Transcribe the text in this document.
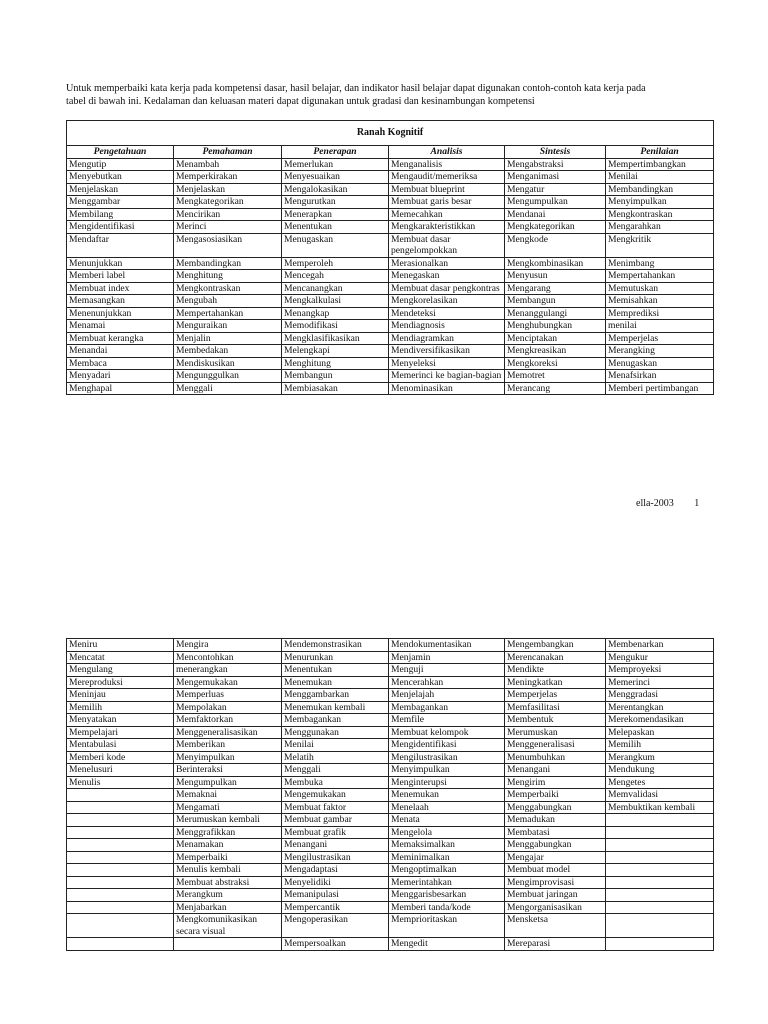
Untuk memperbaiki kata kerja pada kompetensi dasar, hasil belajar, dan indikator hasil belajar dapat digunakan contoh-contoh kata kerja pada

tabel di bawah ini. Kedalaman dan keluasan materi dapat digunakan untuk gradasi dan kesinambungan kompetensi

Ranah Kognitif					
Pengetahuan	Pemahaman	Penerapan	Analisis	Sintesis	Penilaian
Mengutip	Menambah	Memerlukan	Menganalisis	Mengabstraksi	Mempertimbangkan
Menyebutkan	Memperkirakan	Menyesuaikan	Mengaudit/memeriksa	Menganimasi	Menilai
Menjelaskan	Menjelaskan	Mengalokasikan	Membuat blueprint	Mengatur	Membandingkan
Menggambar	Mengkategorikan	Mengurutkan	Membuat garis besar	Mengumpulkan	Menyimpulkan
Membilang	Mencirikan	Menerapkan	Memecahkan	Mendanai	Mengkontraskan
Mengidentifikasi	Merinci	Menentukan	Mengkarakteristikkan	Mengkategorikan	Mengarahkan
Mendaftar	Mengasosiasikan	Menugaskan	Membuat dasar pengelompokkan	Mengkode	Mengkritik
Menunjukkan	Membandingkan	Memperoleh	Merasionalkan	Mengkombinasikan	Menimbang
Memberi label	Menghitung	Mencegah	Menegaskan	Menyusun	Mempertahankan
Membuat index	Mengkontraskan	Mencanangkan	Membuat dasar pengkontras	Mengarang	Memutuskan
Memasangkan	Mengubah	Mengkalkulasi	Mengkorelasikan	Membangun	Memisahkan
Menenunjukkan	Mempertahankan	Menangkap	Mendeteksi	Menanggulangi	Memprediksi
Menamai	Menguraikan	Memodifikasi	Mendiagnosis	Menghubungkan	menilai
Membuat kerangka	Menjalin	Mengklasifikasikan	Mendiagramkan	Menciptakan	Memperjelas
Menandai	Membedakan	Melengkapi	Mendiversifikasikan	Mengkreasikan	Merangking
Membaca	Mendiskusikan	Menghitung	Menyeleksi	Mengkoreksi	Menugaskan
Menyadari	Mengunggulkan	Membangun	Memerinci ke bagian-bagian	Memotret	Menafsirkan
Menghapal	Menggali	Membiasakan	Menominasikan	Merancang	Memberi pertimbangan
ella-2003 1
Meniru	Mengira	Mendemonstrasikan	Mendokumentasikan	Mengembangkan	Membenarkan
Mencatat	Mencontohkan	Menurunkan	Menjamin	Merencanakan	Mengukur
Mengulang	menerangkan	Menentukan	Menguji	Mendikte	Memproyeksi
Mereproduksi	Mengemukakan	Menemukan	Mencerahkan	Meningkatkan	Memerinci
Meninjau	Memperluas	Menggambarkan	Menjelajah	Memperjelas	Menggradasi
Memilih	Mempolakan	Menemukan kembali	Membagankan	Memfasilitasi	Merentangkan
Menyatakan	Memfaktorkan	Membagankan	Memfile	Membentuk	Merekomendasikan
Mempelajari	Menggeneralisasikan	Menggunakan	Membuat kelompok	Merumuskan	Melepaskan
Mentabulasi	Memberikan	Menilai	Mengidentifikasi	Menggeneralisasi	Memilih
Memberi kode	Menyimpulkan	Melatih	Mengilustrasikan	Menumbuhkan	Merangkum
Menelusuri	Berinteraksi	Menggali	Menyimpulkan	Menangani	Mendukung
Menulis	Mengumpulkan	Membuka	Menginterupsi	Mengirim	Mengetes
	Memaknai	Mengemukakan	Menemukan	Memperbaiki	Memvalidasi
	Mengamati	Membuat faktor	Menelaah	Menggabungkan	Membuktikan kembali
	Merumuskan kembali	Membuat gambar	Menata	Memadukan	
	Menggrafikkan	Membuat grafik	Mengelola	Membatasi	
	Menamakan	Menangani	Memaksimalkan	Menggabungkan	
	Memperbaiki	Mengilustrasikan	Meminimalkan	Mengajar	
	Menulis kembali	Mengadaptasi	Mengoptimalkan	Membuat model	
	Membuat abstraksi	Menyelidiki	Memerintahkan	Mengimprovisasi	
	Merangkum	Memanipulasi	Menggarisbesarkan	Membuat jaringan	
	Menjabarkan	Mempercantik	Memberi tanda/kode	Mengorganisasikan	
	Mengkomunikasikan secara visual	Mengoperasikan	Memprioritaskan	Mensketsa	
		Mempersoalkan	Mengedit	Mereparasi	
